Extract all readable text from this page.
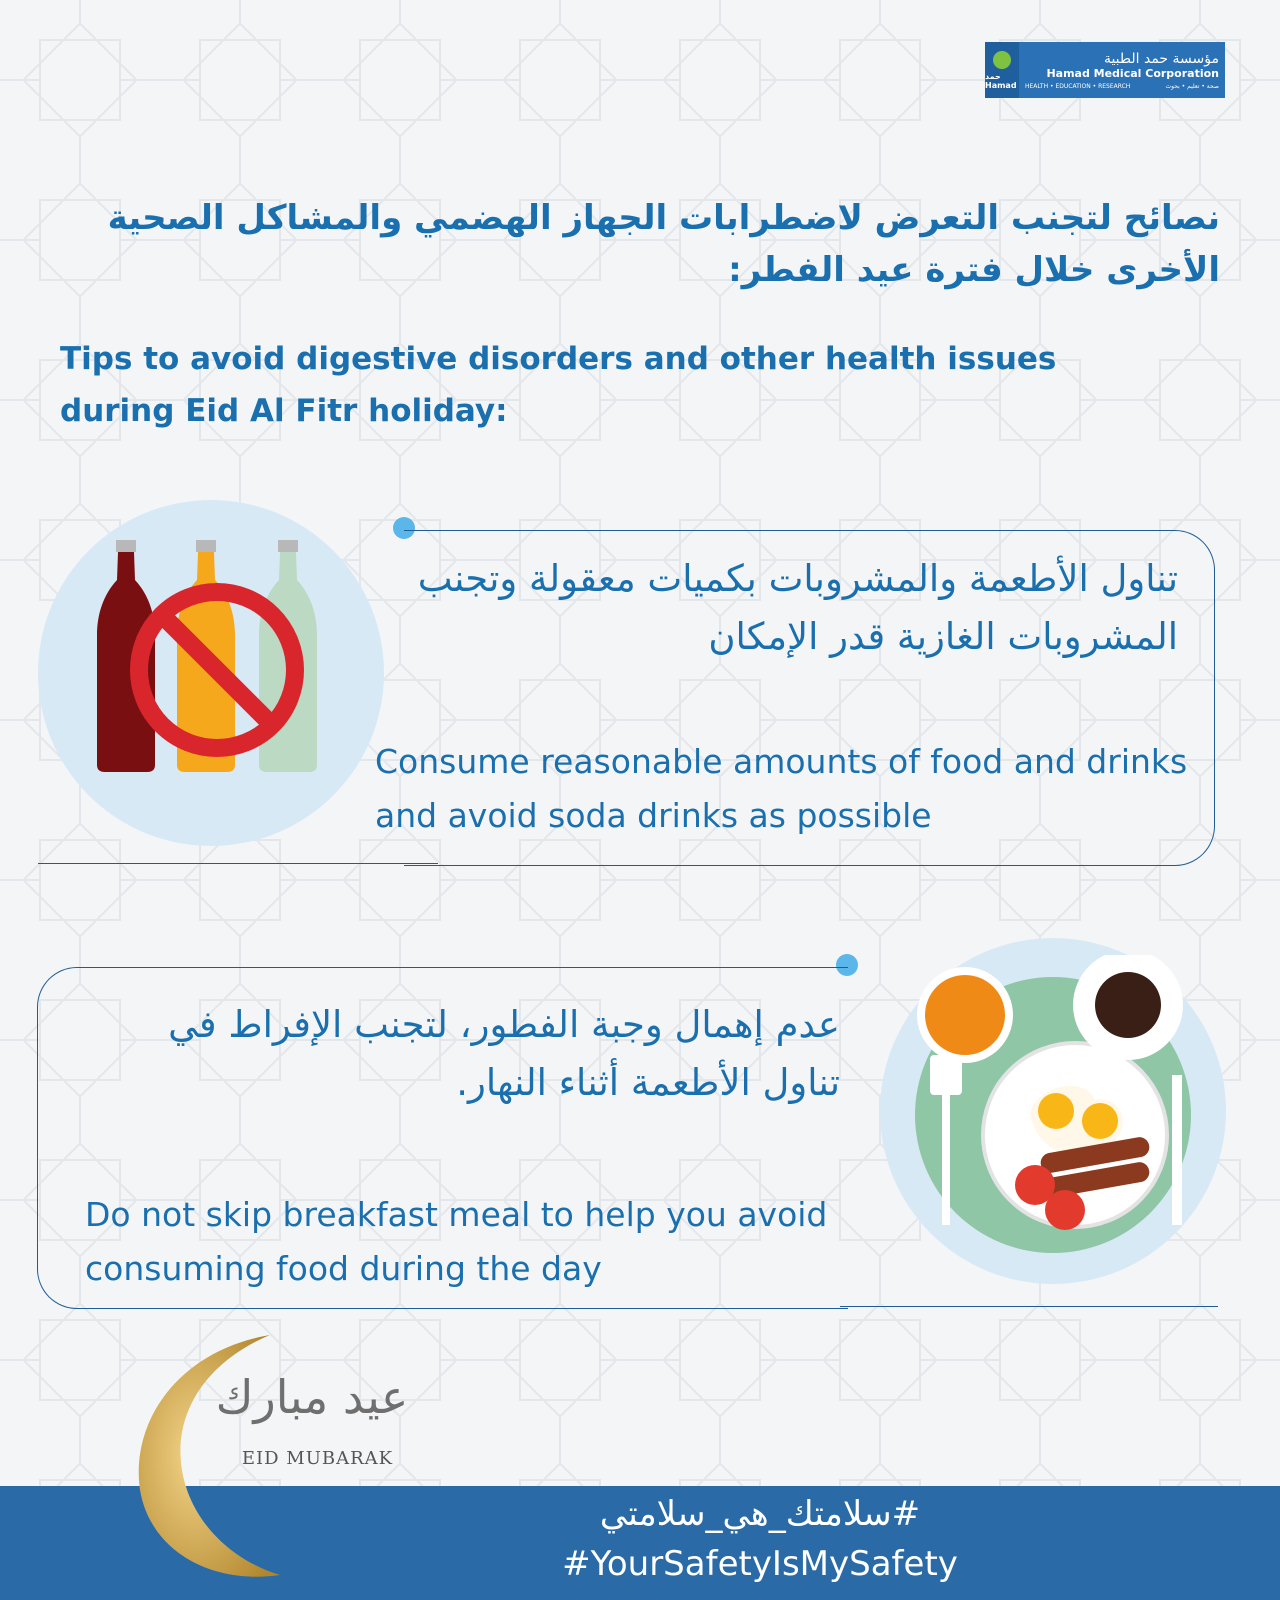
حمد Hamad
مؤسسة حمد الطبية
Hamad Medical Corporation
HEALTH • EDUCATION • RESEARCH	صحة • تعليم • بحوث

نصائح لتجنب التعرض لاضطرابات الجهاز الهضمي والمشاكل الصحية الأخرى خلال فترة عيد الفطر:

Tips to avoid digestive disorders and other health issues during Eid Al Fitr holiday:

تناول الأطعمة والمشروبات بكميات معقولة وتجنب المشروبات الغازية قدر الإمكان

Consume reasonable amounts of food and drinks and avoid soda drinks as possible

عدم إهمال وجبة الفطور، لتجنب الإفراط في تناول الأطعمة أثناء النهار.

Do not skip breakfast meal to help you avoid consuming food during the day

عيد مبارك

EID MUBARAK

#سلامتك_هي_سلامتي

#YourSafetyIsMySafety
